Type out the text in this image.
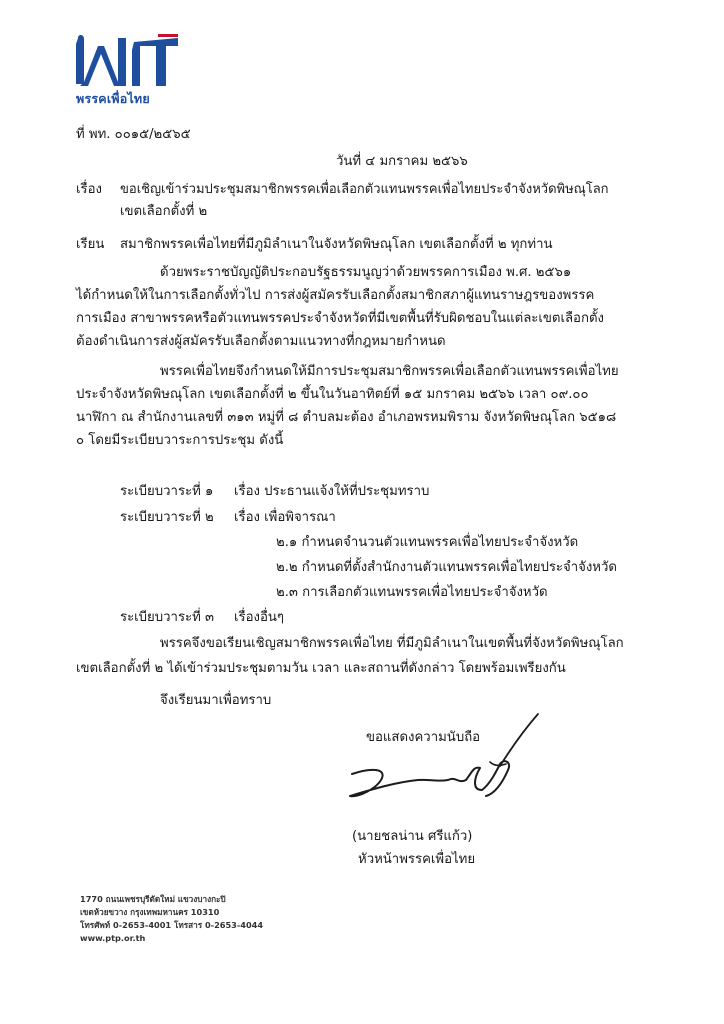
พรรคเพื่อไทย
ที่ พท. ๐๐๑๕/๒๕๖๕
วันที่ ๔ มกราคม ๒๕๖๖
เรื่อง ขอเชิญเข้าร่วมประชุมสมาชิกพรรคเพื่อเลือกตัวแทนพรรคเพื่อไทยประจำจังหวัดพิษณุโลก
เขตเลือกตั้งที่ ๒
เรียน สมาชิกพรรคเพื่อไทยที่มีภูมิลำเนาในจังหวัดพิษณุโลก เขตเลือกตั้งที่ ๒ ทุกท่าน
ด้วยพระราชบัญญัติประกอบรัฐธรรมนูญว่าด้วยพรรคการเมือง พ.ศ. ๒๕๖๑
ได้กำหนดให้ในการเลือกตั้งทั่วไป การส่งผู้สมัครรับเลือกตั้งสมาชิกสภาผู้แทนราษฎรของพรรค
การเมือง สาขาพรรคหรือตัวแทนพรรคประจำจังหวัดที่มีเขตพื้นที่รับผิดชอบในแต่ละเขตเลือกตั้ง
ต้องดำเนินการส่งผู้สมัครรับเลือกตั้งตามแนวทางที่กฎหมายกำหนด
พรรคเพื่อไทยจึงกำหนดให้มีการประชุมสมาชิกพรรคเพื่อเลือกตัวแทนพรรคเพื่อไทย
ประจำจังหวัดพิษณุโลก เขตเลือกตั้งที่ ๒ ขึ้นในวันอาทิตย์ที่ ๑๕ มกราคม ๒๕๖๖ เวลา ๐๙.๐๐
นาฬิกา ณ สำนักงานเลขที่ ๓๑๓ หมู่ที่ ๘ ตำบลมะต้อง อำเภอพรหมพิราม จังหวัดพิษณุโลก ๖๕๑๘
๐ โดยมีระเบียบวาระการประชุม ดังนี้
ระเบียบวาระที่ ๑ เรื่อง ประธานแจ้งให้ที่ประชุมทราบ
ระเบียบวาระที่ ๒ เรื่อง เพื่อพิจารณา
๒.๑ กำหนดจำนวนตัวแทนพรรคเพื่อไทยประจำจังหวัด
๒.๒ กำหนดที่ตั้งสำนักงานตัวแทนพรรคเพื่อไทยประจำจังหวัด
๒.๓ การเลือกตัวแทนพรรคเพื่อไทยประจำจังหวัด
ระเบียบวาระที่ ๓ เรื่องอื่นๆ
พรรคจึงขอเรียนเชิญสมาชิกพรรคเพื่อไทย ที่มีภูมิลำเนาในเขตพื้นที่จังหวัดพิษณุโลก
เขตเลือกตั้งที่ ๒ ได้เข้าร่วมประชุมตามวัน เวลา และสถานที่ดังกล่าว โดยพร้อมเพรียงกัน
จึงเรียนมาเพื่อทราบ
ขอแสดงความนับถือ
(นายชลน่าน ศรีแก้ว)
หัวหน้าพรรคเพื่อไทย
1770 ถนนเพชรบุรีตัดใหม่ แขวงบางกะปิ
เขตห้วยขวาง กรุงเทพมหานคร 10310
โทรศัพท์ 0-2653-4001 โทรสาร 0-2653-4044
www.ptp.or.th
